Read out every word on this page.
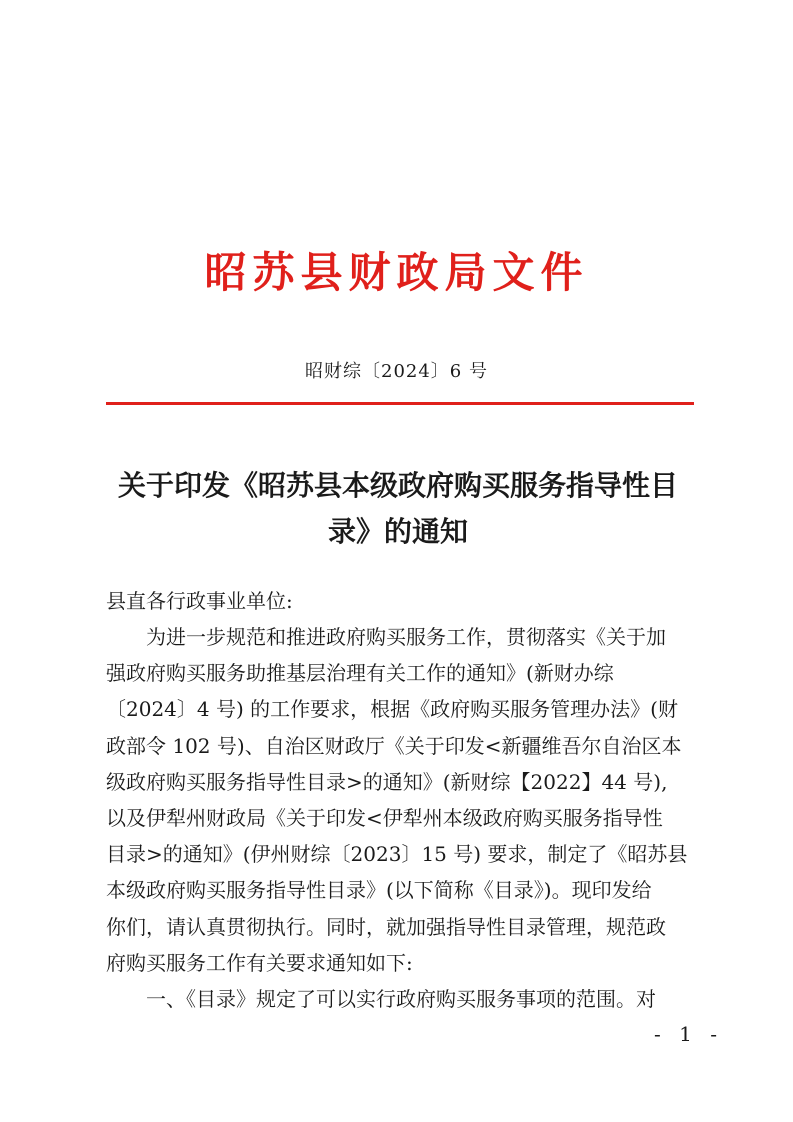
昭苏县财政局文件
昭财综〔2024〕6 号
关于印发《昭苏县本级政府购买服务指导性目
录》的通知
县直各行政事业单位:
为进一步规范和推进政府购买服务工作，贯彻落实《关于加
强政府购买服务助推基层治理有关工作的通知》(新财办综
〔2024〕4 号) 的工作要求，根据《政府购买服务管理办法》(财
政部令 102 号)、自治区财政厅《关于印发<新疆维吾尔自治区本
级政府购买服务指导性目录>的通知》(新财综【2022】44 号),
以及伊犁州财政局《关于印发<伊犁州本级政府购买服务指导性
目录>的通知》(伊州财综〔2023〕15 号) 要求，制定了《昭苏县
本级政府购买服务指导性目录》(以下简称《目录》)。现印发给
你们，请认真贯彻执行。同时，就加强指导性目录管理，规范政
府购买服务工作有关要求通知如下:
一、《目录》规定了可以实行政府购买服务事项的范围。对
- 1 -
